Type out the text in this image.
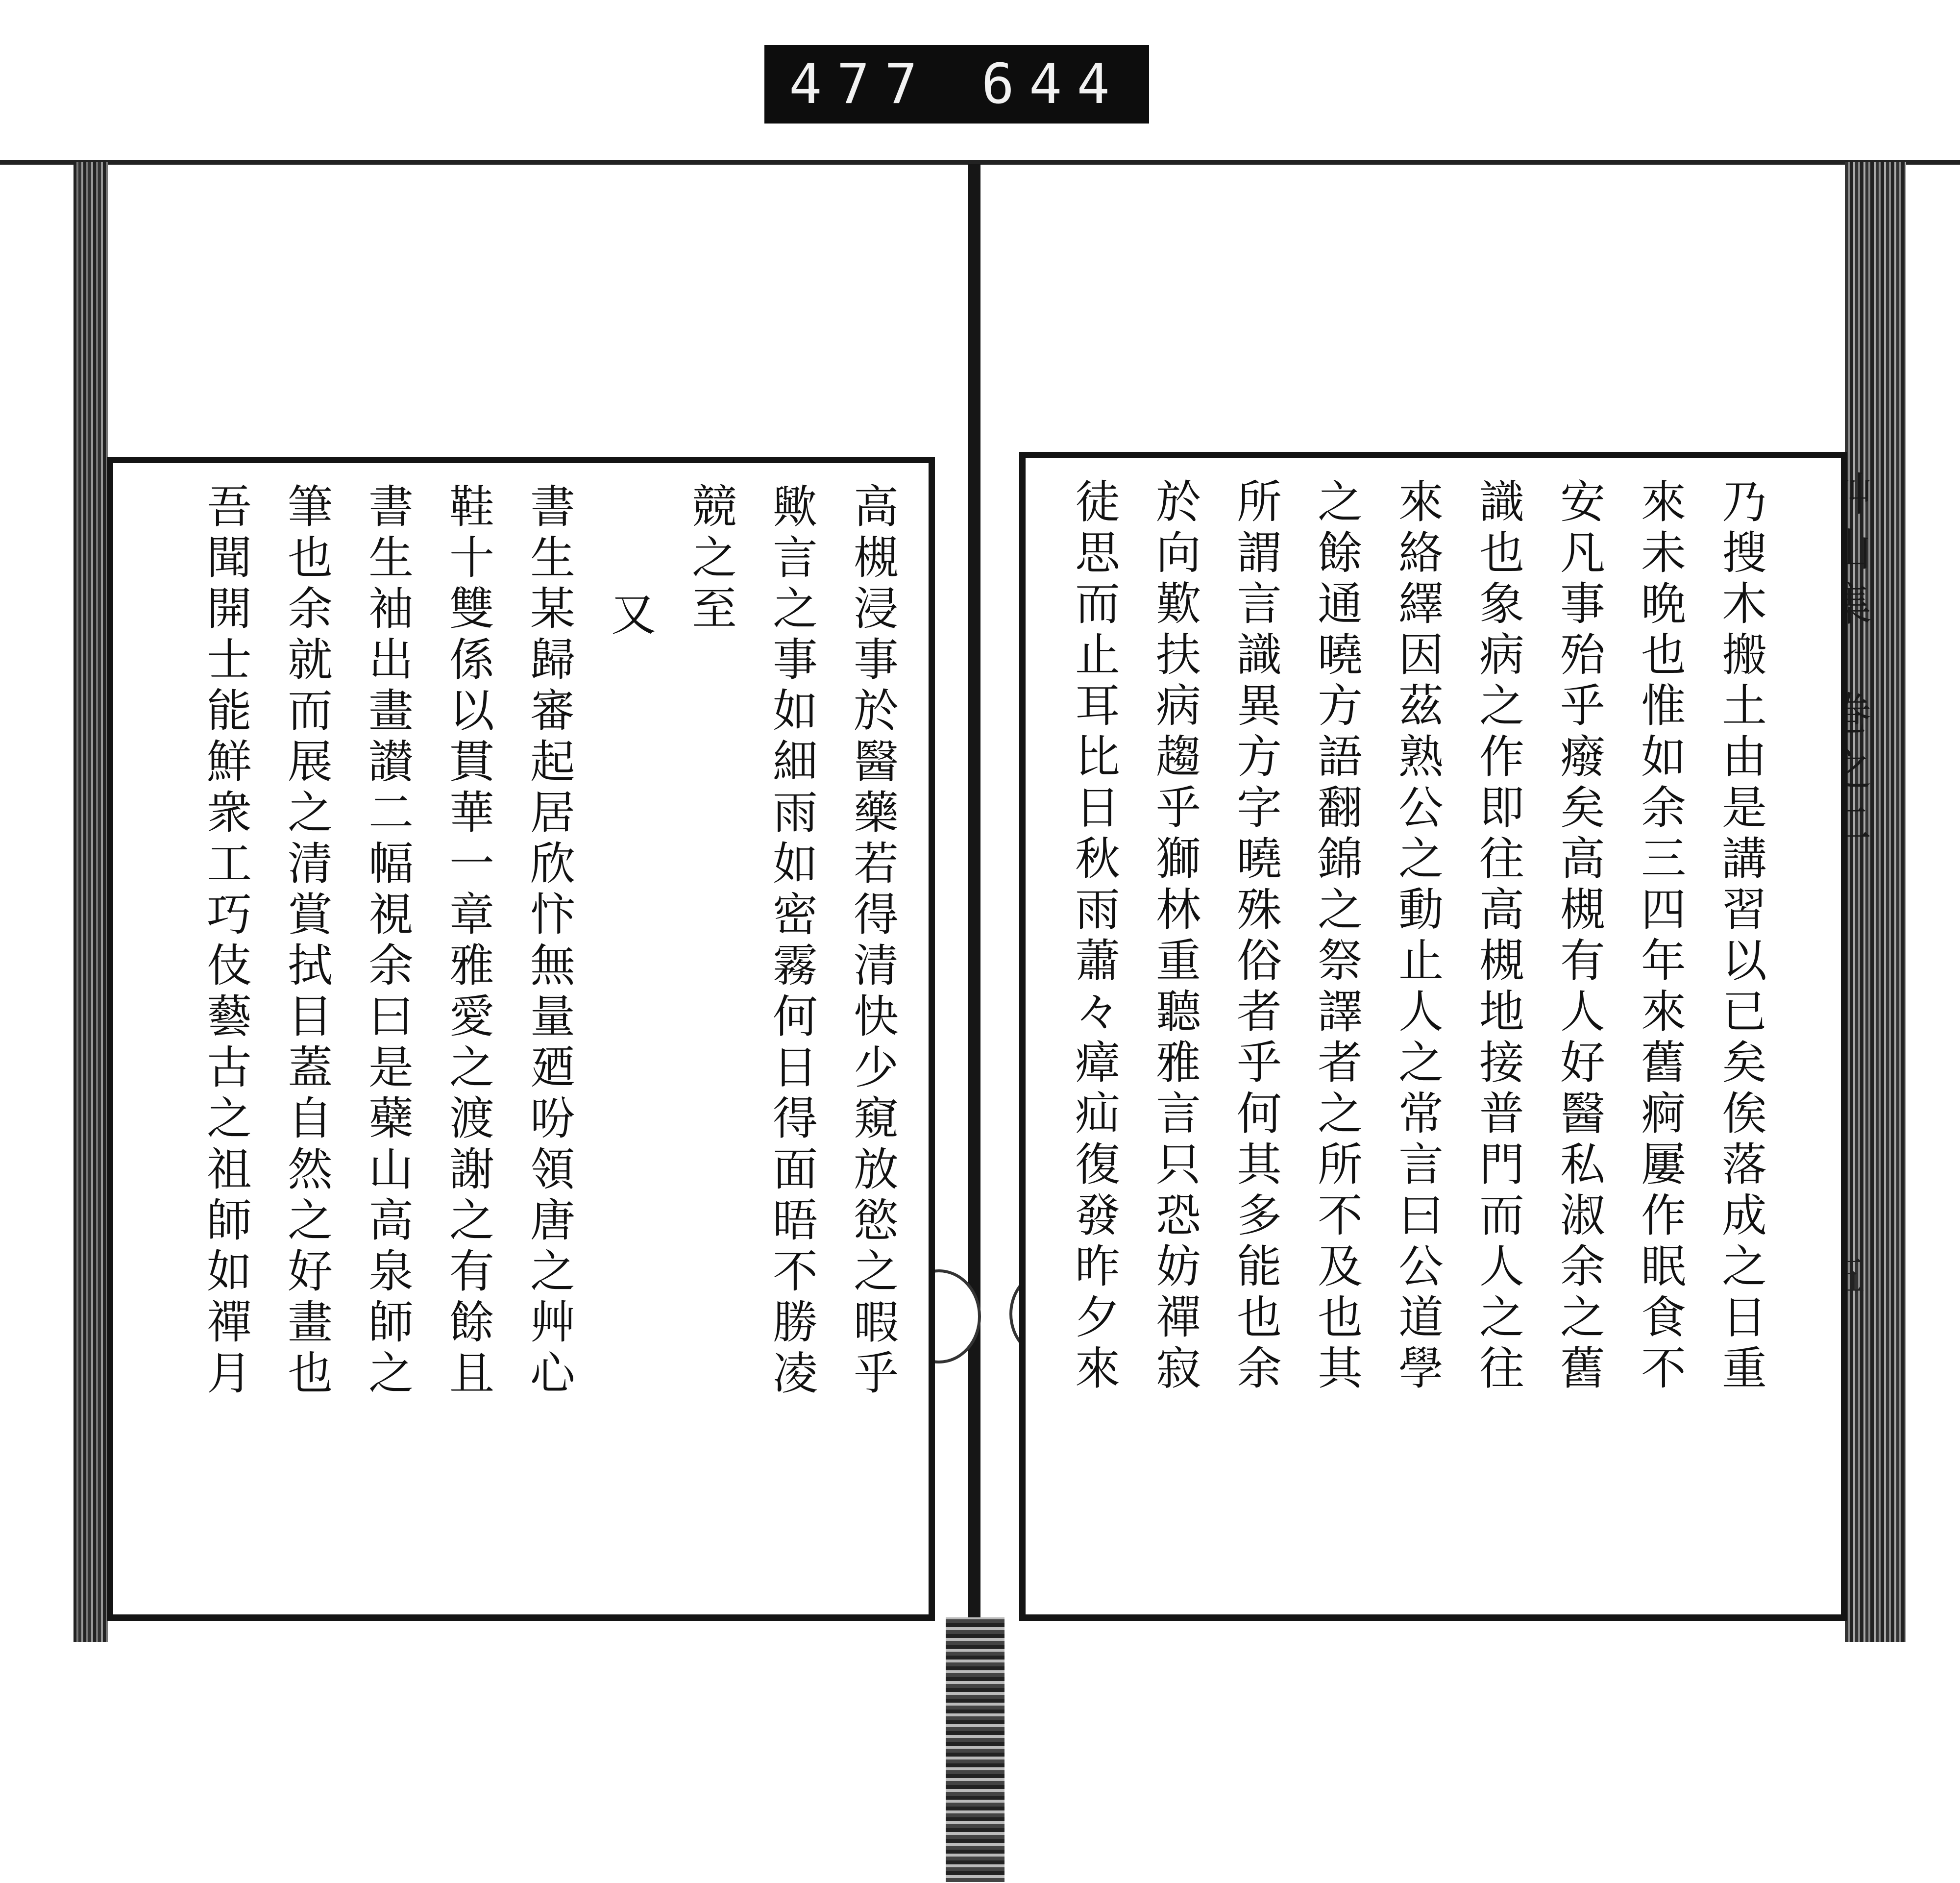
477 644
乃搜木搬土由是講習以已矣俟落成之日重
來未晩也惟如余三四年來舊痾屢作眠食不
安凡事殆乎癈矣高槻有人好醫私淑余之舊
識也象病之作即往高槻地接普門而人之往
來絡繹因茲熟公之動止人之常言曰公道學
之餘通曉方語翻錦之祭譯者之所不及也其
所謂言識異方字曉殊俗者乎何其多能也余
於向歎扶病趨乎獅林重聽雅言只恐妨禪寂
徒思而止耳比日秋雨蕭々瘴疝復發昨夕來
高槻浸事於醫藥若得清快少窺放慾之暇乎
歟言之事如細雨如密霧何日得面晤不勝凌
競之至
又
書生某歸審起居欣忭無量廼吩領唐之艸心
鞋十雙係以貫華一章雅愛之渡謝之有餘且
書生袖出畫讃二幅視余曰是蘗山高泉師之
筆也余就而展之清賞拭目蓋自然之好畫也
吾聞開士能鮮衆工巧伎藝古之祖師如禪月
